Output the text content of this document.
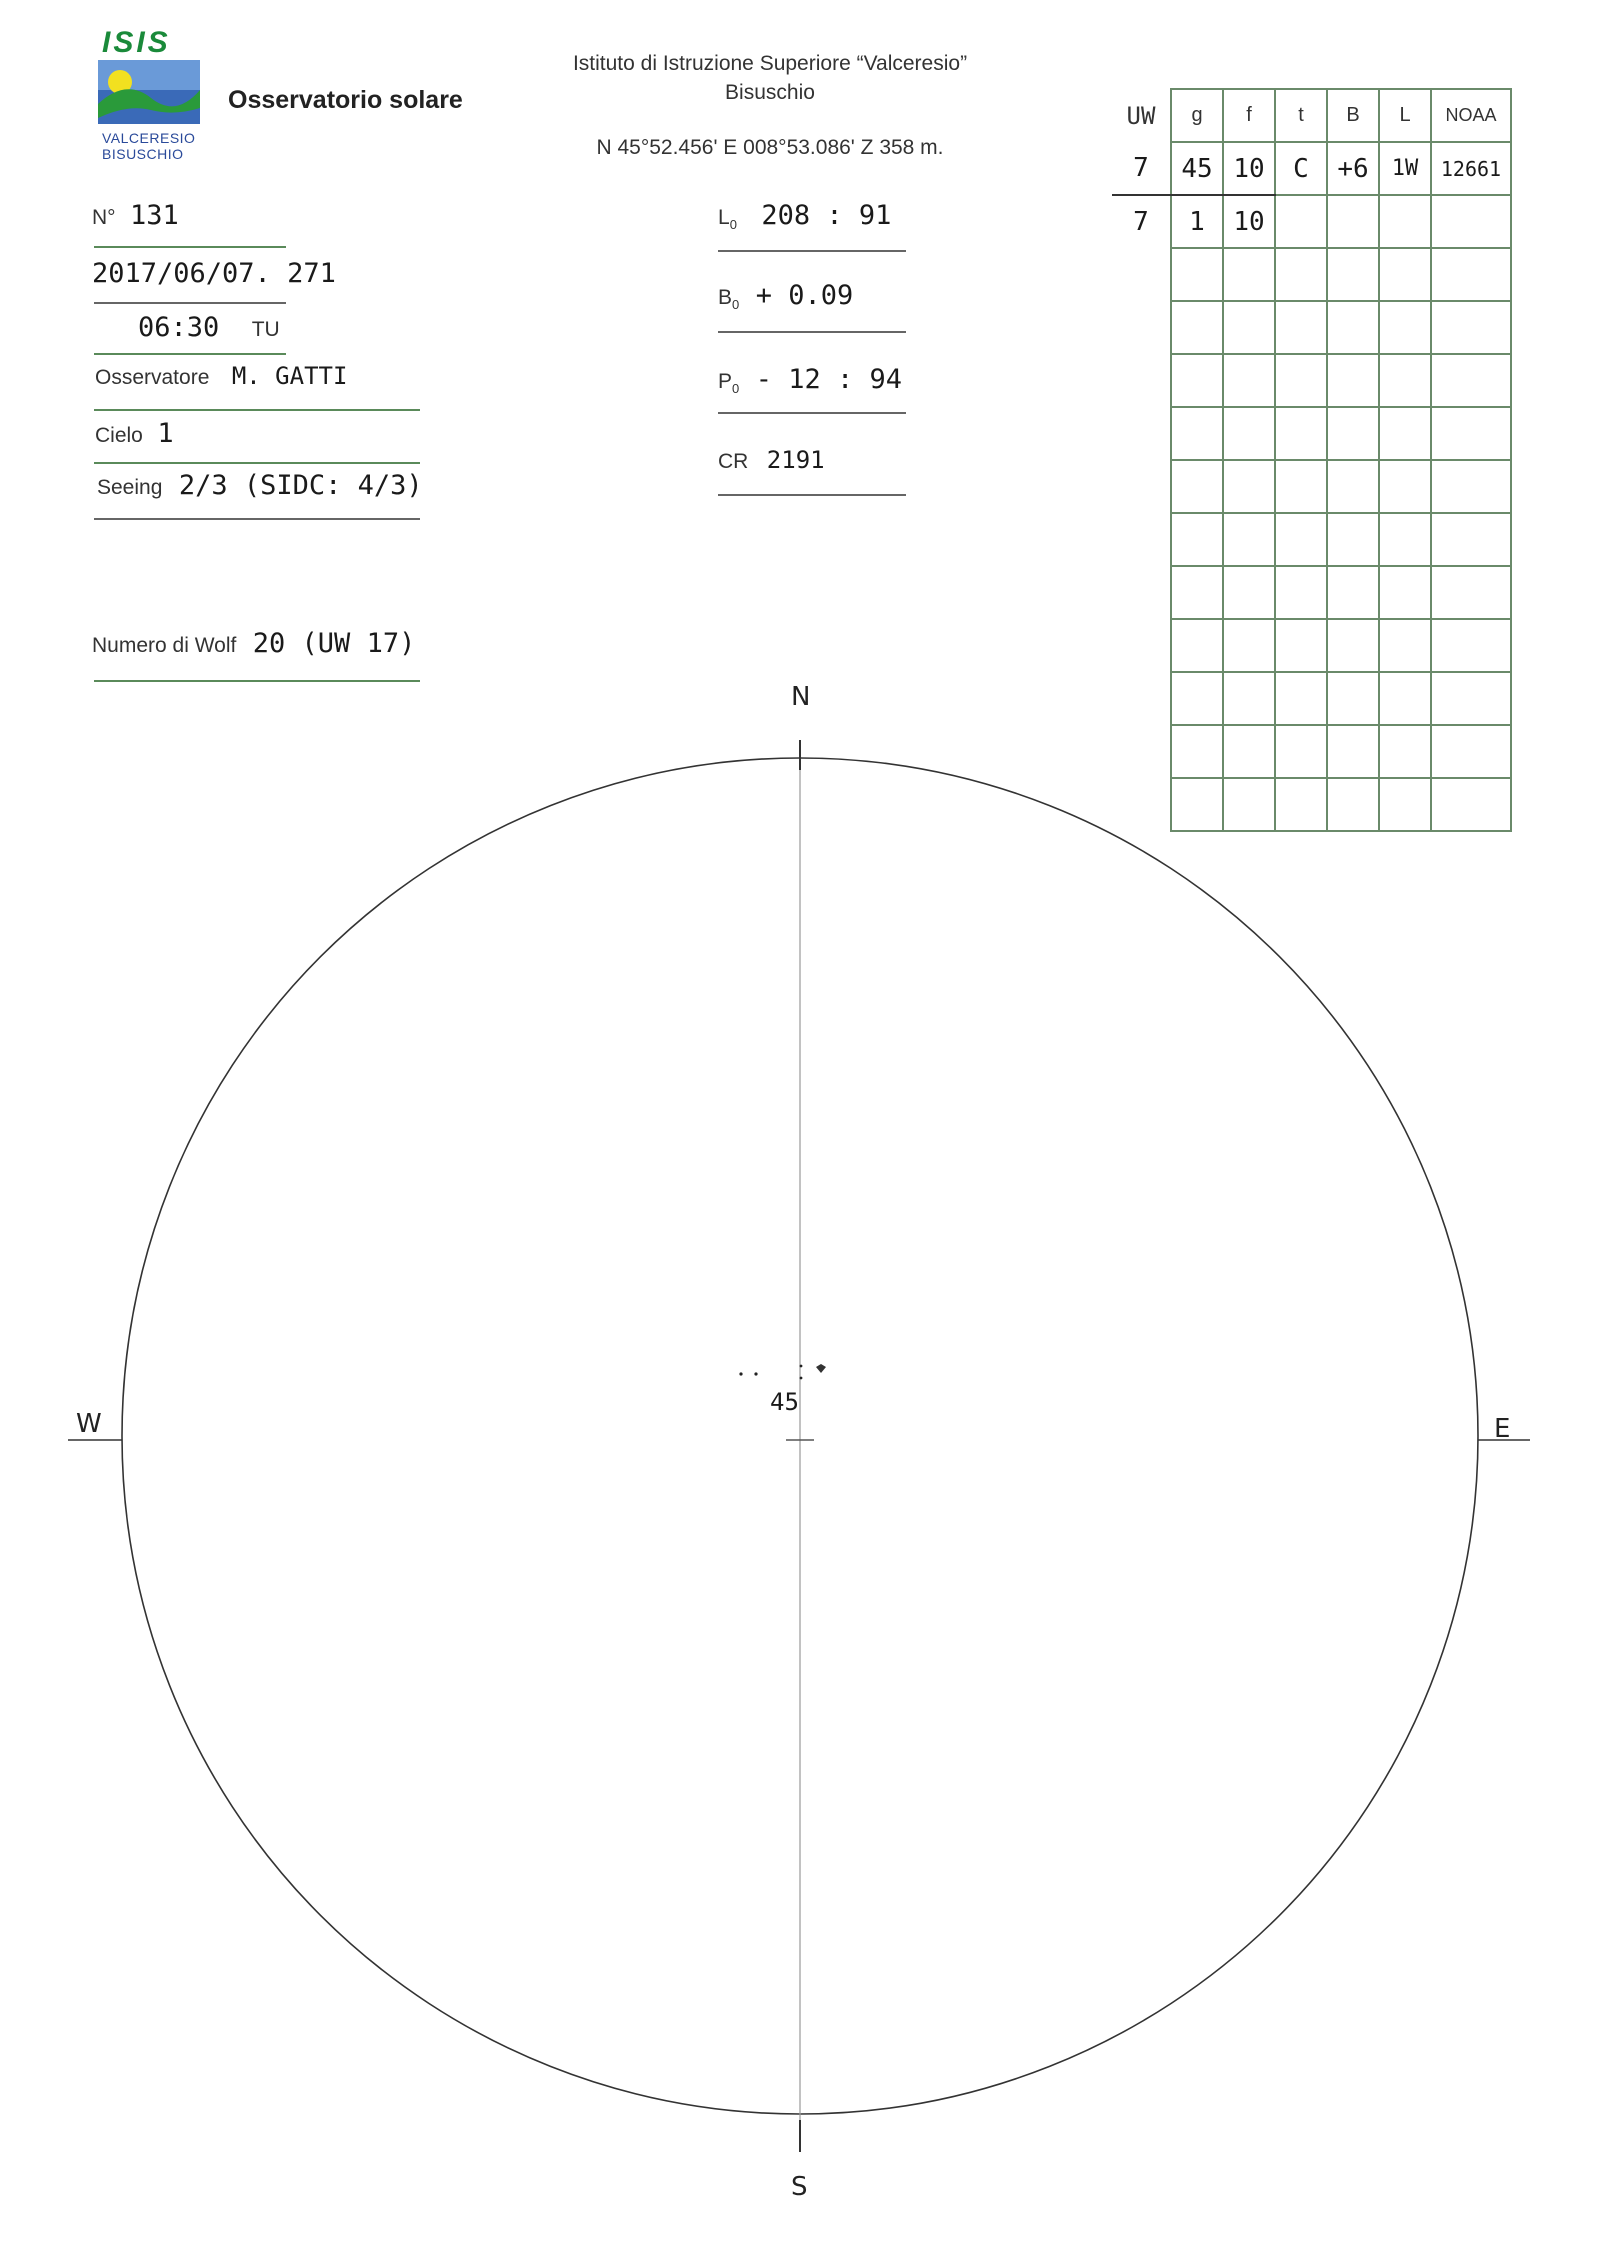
ISIS
VALCERESIO
BISUSCHIO
Osservatorio solare
Istituto di Istruzione Superiore “Valceresio”
Bisuschio
N 45°52.456' E 008°53.086' Z 358 m.
N° 131
2017/06/07. 271
06:30 TU
Osservatore M. GATTI
Cielo 1
Seeing 2/3 (SIDC: 4/3)
Numero di Wolf 20 (UW 17)
$L_0$ 208 : 91
$B_0 + 0.09$
$P_0 - 12$ : 94
CR 2191
UW	g	f	t	B	L	NOAA
7	45	10	C	+6	1W	12661
7	1	10				

N
S
W	E
45
